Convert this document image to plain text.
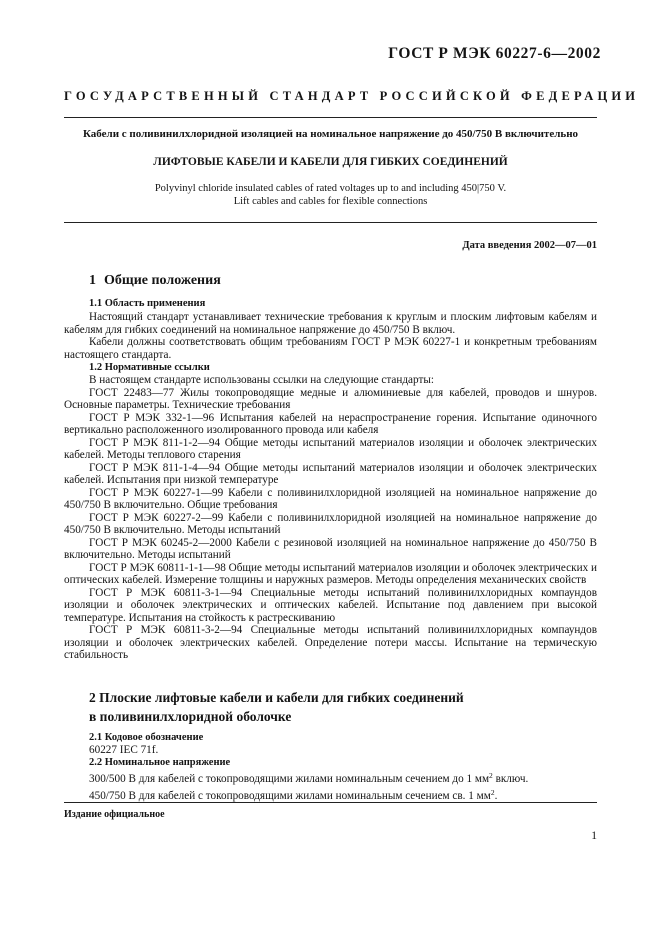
ГОСТ Р МЭК 60227-6—2002
ГОСУДАРСТВЕННЫЙ СТАНДАРТ РОССИЙСКОЙ ФЕДЕРАЦИИ
Кабели с поливинилхлоридной изоляцией на номинальное напряжение до 450/750 В включительно
ЛИФТОВЫЕ КАБЕЛИ И КАБЕЛИ ДЛЯ ГИБКИХ СОЕДИНЕНИЙ
Polyvinyl chloride insulated cables of rated voltages up to and including 450|750 V.
Lift cables and cables for flexible connections
Дата введения 2002—07—01
1 Общие положения
1.1 Область применения

Настоящий стандарт устанавливает технические требования к круглым и плоским лифтовым кабелям и кабелям для гибких соединений на номинальное напряжение до 450/750 В включ.

Кабели должны соответствовать общим требованиям ГОСТ Р МЭК 60227-1 и конкретным требованиям настоящего стандарта.

1.2 Нормативные ссылки

В настоящем стандарте использованы ссылки на следующие стандарты:

ГОСТ 22483—77 Жилы токопроводящие медные и алюминиевые для кабелей, проводов и шнуров. Основные параметры. Технические требования

ГОСТ Р МЭК 332-1—96 Испытания кабелей на нераспространение горения. Испытание одиночного вертикально расположенного изолированного провода или кабеля

ГОСТ Р МЭК 811-1-2—94 Общие методы испытаний материалов изоляции и оболочек электрических кабелей. Методы теплового старения

ГОСТ Р МЭК 811-1-4—94 Общие методы испытаний материалов изоляции и оболочек электрических кабелей. Испытания при низкой температуре

ГОСТ Р МЭК 60227-1—99 Кабели с поливинилхлоридной изоляцией на номинальное напряжение до 450/750 В включительно. Общие требования

ГОСТ Р МЭК 60227-2—99 Кабели с поливинилхлоридной изоляцией на номинальное напряжение до 450/750 В включительно. Методы испытаний

ГОСТ Р МЭК 60245-2—2000 Кабели с резиновой изоляцией на номинальное напряжение до 450/750 В включительно. Методы испытаний

ГОСТ Р МЭК 60811-1-1—98 Общие методы испытаний материалов изоляции и оболочек электрических и оптических кабелей. Измерение толщины и наружных размеров. Методы определения механических свойств

ГОСТ Р МЭК 60811-3-1—94 Специальные методы испытаний поливинилхлоридных компаундов изоляции и оболочек электрических и оптических кабелей. Испытание под давлением при высокой температуре. Испытания на стойкость к растрескиванию

ГОСТ Р МЭК 60811-3-2—94 Специальные методы испытаний поливинилхлоридных компаундов изоляции и оболочек электрических кабелей. Определение потери массы. Испытание на термическую стабильность

2 Плоские лифтовые кабели и кабели для гибких соединений
в поливинилхлоридной оболочке
2.1 Кодовое обозначение
60227 IEC 71f.
2.2 Номинальное напряжение
300/500 В для кабелей с токопроводящими жилами номинальным сечением до 1 $мм^2$ включ.
450/750 В для кабелей с токопроводящими жилами номинальным сечением св. 1 $мм^2$.
Издание официальное
1
